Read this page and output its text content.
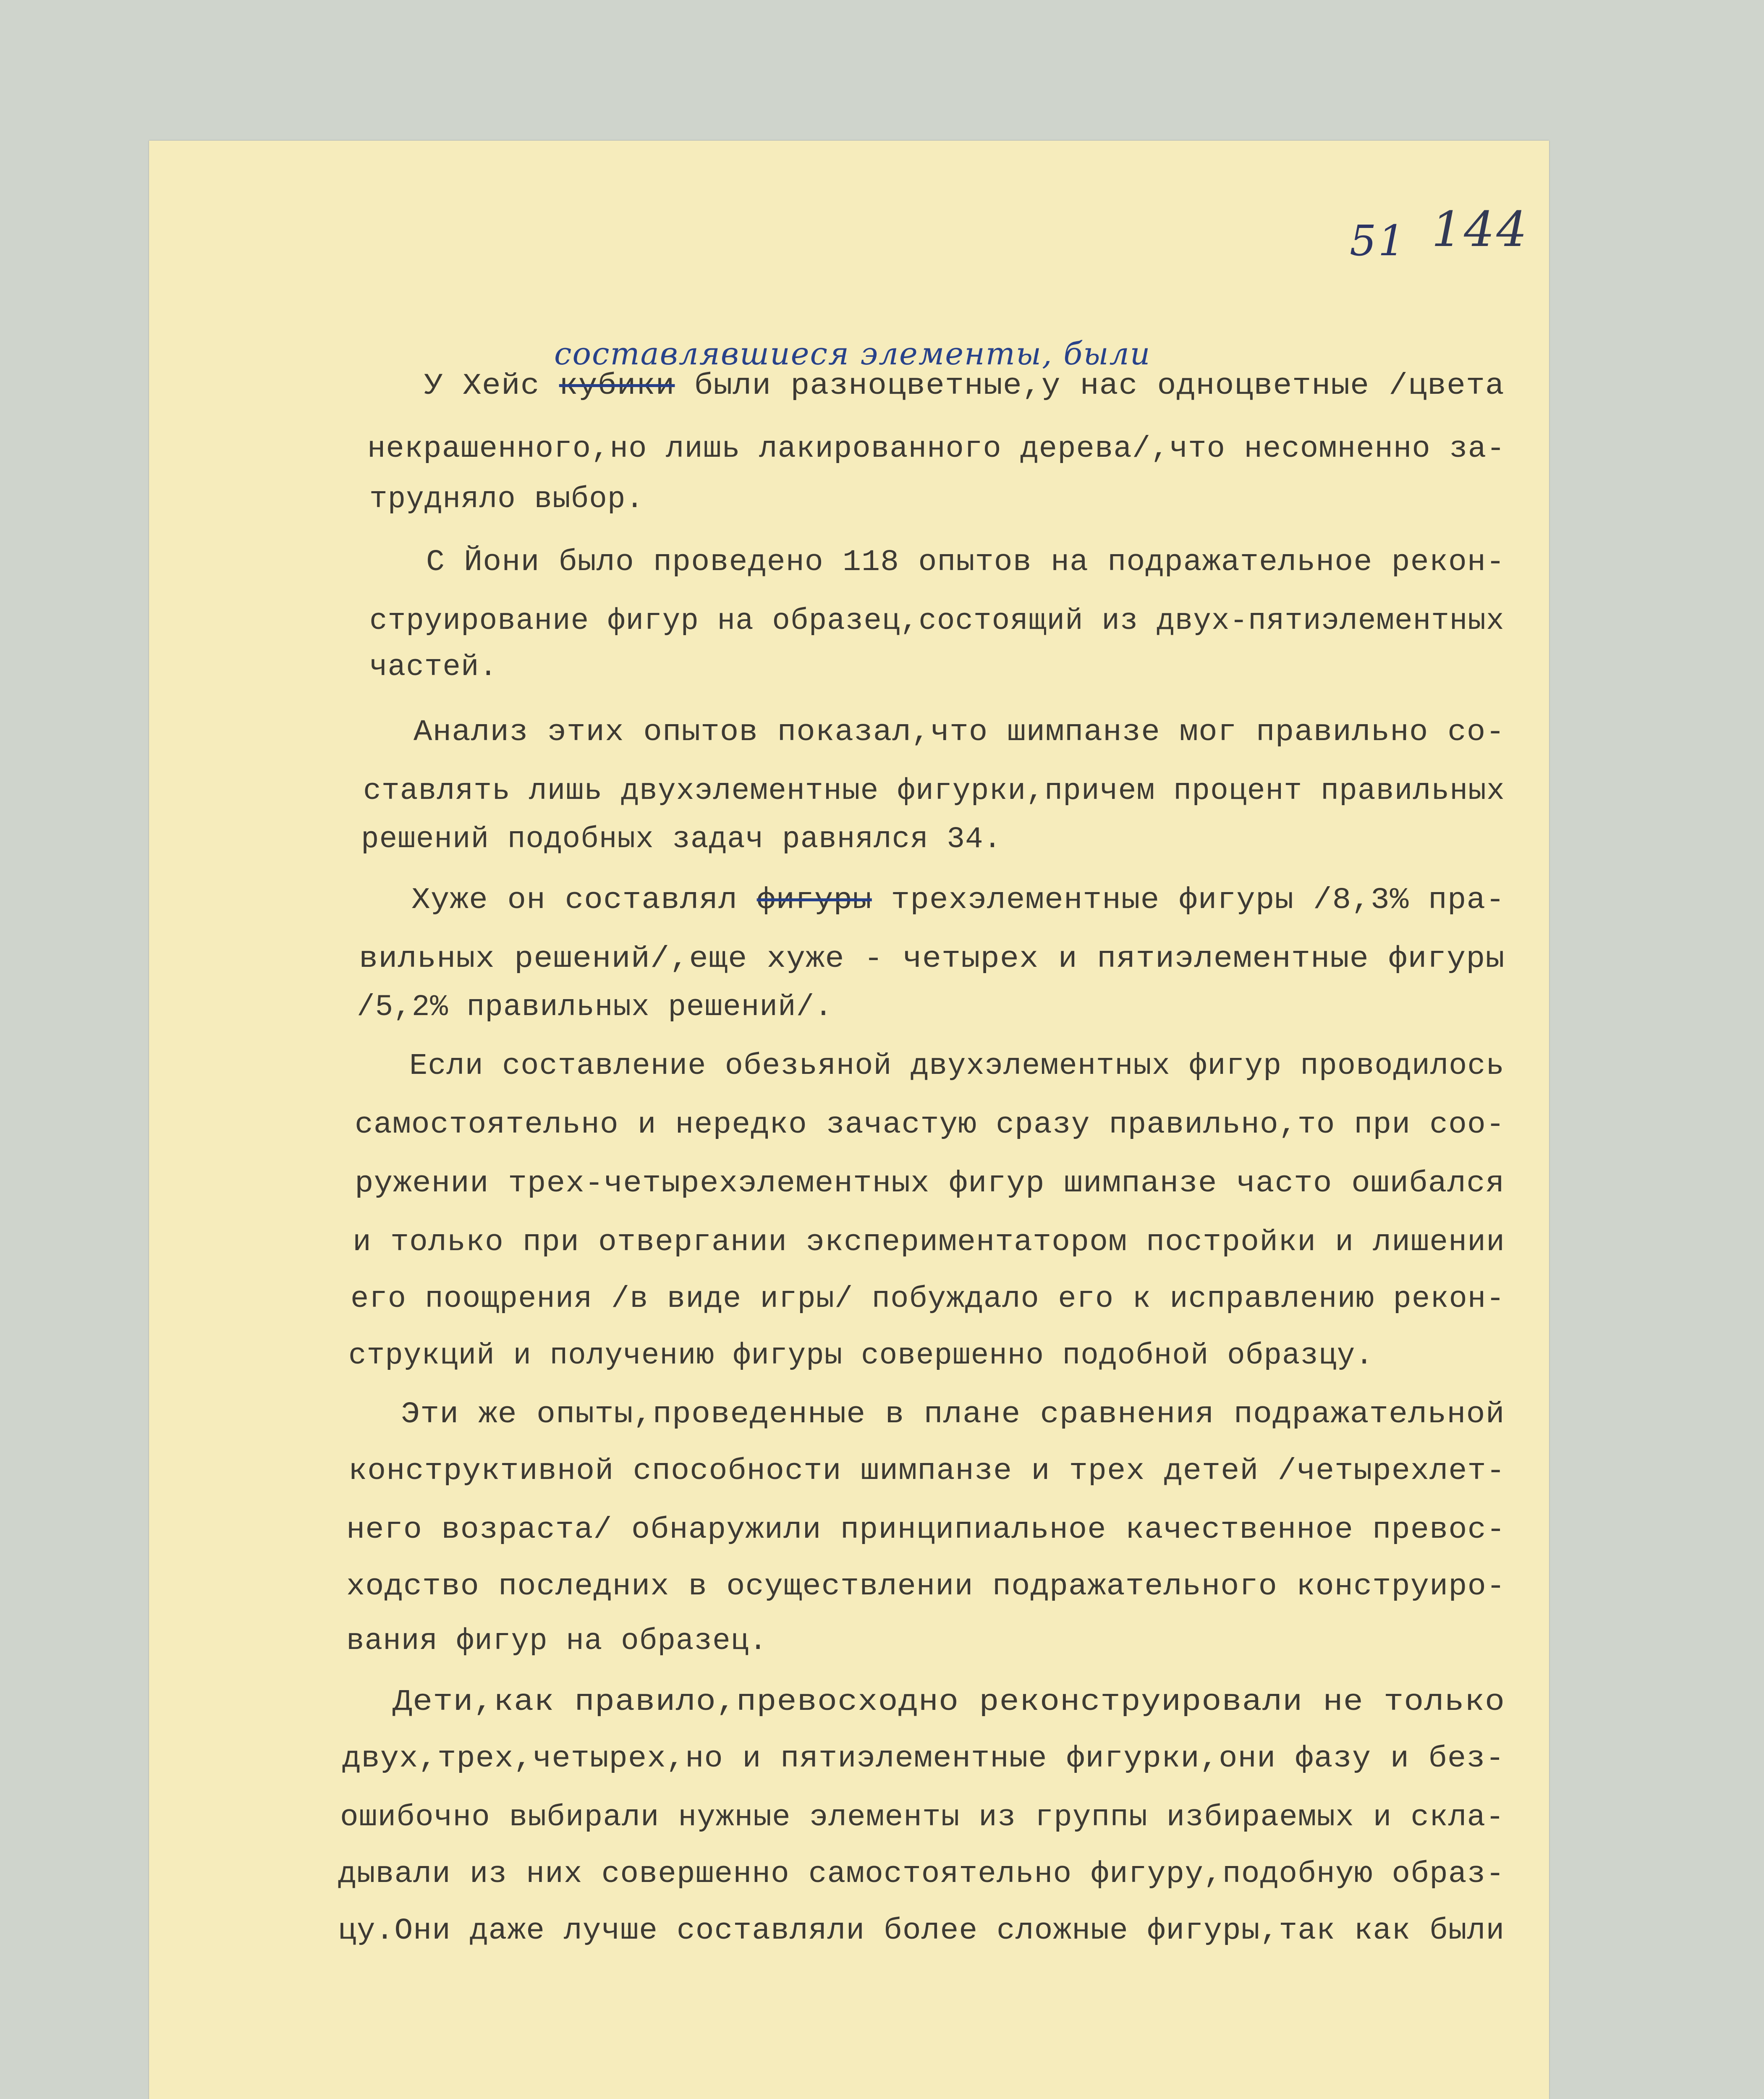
51 144
составлявшиеся элементы, были
У Хейс кубики были разноцветные,у нас одноцветные /цвета
некрашенного,но лишь лакированного дерева/,что несомненно за-
трудняло выбор.
С Йони было проведено 118 опытов на подражательное рекон-
струирование фигур на образец,состоящий из двух-пятиэлементных
частей.
Анализ этих опытов показал,что шимпанзе мог правильно со-
ставлять лишь двухэлементные фигурки,причем процент правильных
решений подобных задач равнялся 34.
Хуже он составлял фигуры трехэлементные фигуры /8,3% пра-
вильных решений/,еще хуже - четырех и пятиэлементные фигуры
/5,2% правильных решений/.
Если составление обезьяной двухэлементных фигур проводилось
самостоятельно и нередко зачастую сразу правильно,то при соо-
ружении трех-четырехэлементных фигур шимпанзе часто ошибался
и только при отвергании экспериментатором постройки и лишении
его поощрения /в виде игры/ побуждало его к исправлению рекон-
струкций и получению фигуры совершенно подобной образцу.
Эти же опыты,проведенные в плане сравнения подражательной
конструктивной способности шимпанзе и трех детей /четырехлет-
него возраста/ обнаружили принципиальное качественное превос-
ходство последних в осуществлении подражательного конструиро-
вания фигур на образец.
Дети,как правило,превосходно реконструировали не только
двух,трех,четырех,но и пятиэлементные фигурки,они фазу и без-
ошибочно выбирали нужные элементы из группы избираемых и скла-
дывали из них совершенно самостоятельно фигуру,подобную образ-
цу.Они даже лучше составляли более сложные фигуры,так как были
